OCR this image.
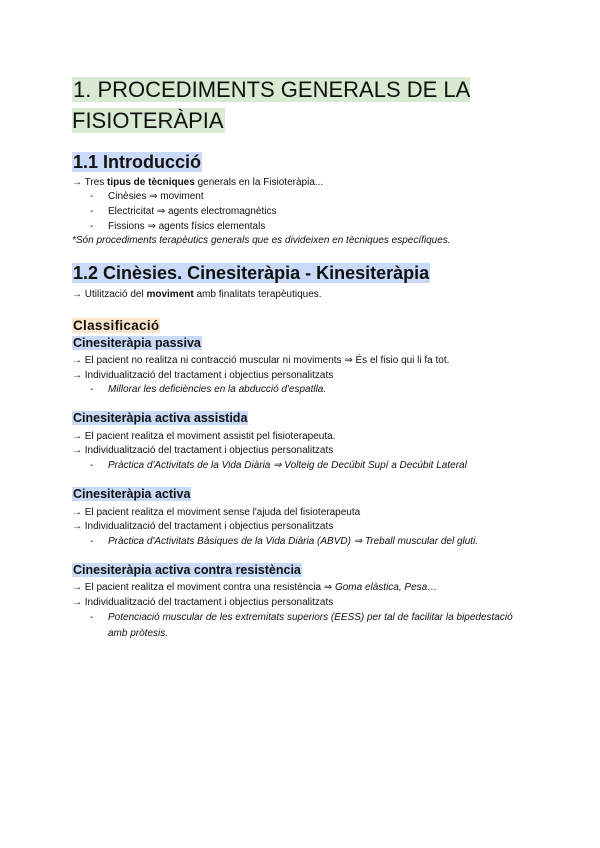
1. PROCEDIMENTS GENERALS DE LA FISIOTERÀPIA
1.1 Introducció
→ Tres tipus de tècniques generals en la Fisioteràpia...
- Cinèsies ⇒ moviment
- Electricitat ⇒ agents electromagnètics
- Fissions ⇒ agents físics elementals
*Són procediments terapèutics generals que es divideixen en tècniques específiques.
1.2 Cinèsies. Cinesiteràpia - Kinesiteràpia
→ Utilització del moviment amb finalitats terapèutiques.
Classificació
Cinesiteràpia passiva
→ El pacient no realitza ni contracció muscular ni moviments ⇒ És el fisio qui li fa tot.
→ Individualització del tractament i objectius personalitzats
- Millorar les deficiències en la abducció d'espatlla.
Cinesiteràpia activa assistida
→ El pacient realitza el moviment assistit pel fisioterapeuta.
→ Individualització del tractament i objectius personalitzats
- Pràctica d'Activitats de la Vida Diària ⇒ Volteig de Decúbit Supí a Decúbit Lateral
Cinesiteràpia activa
→ El pacient realitza el moviment sense l'ajuda del fisioterapeuta
→ Individualització del tractament i objectius personalitzats
- Pràctica d'Activitats Bàsiques de la Vida Diària (ABVD) ⇒ Treball muscular del gluti.
Cinesiteràpia activa contra resistència
→ El pacient realitza el moviment contra una resistència ⇒ Goma elàstica, Pesa…
→ Individualització del tractament i objectius personalitzats
- Potenciació muscular de les extremitats superiors (EESS) per tal de facilitar la bipedestació amb pròtesis.
